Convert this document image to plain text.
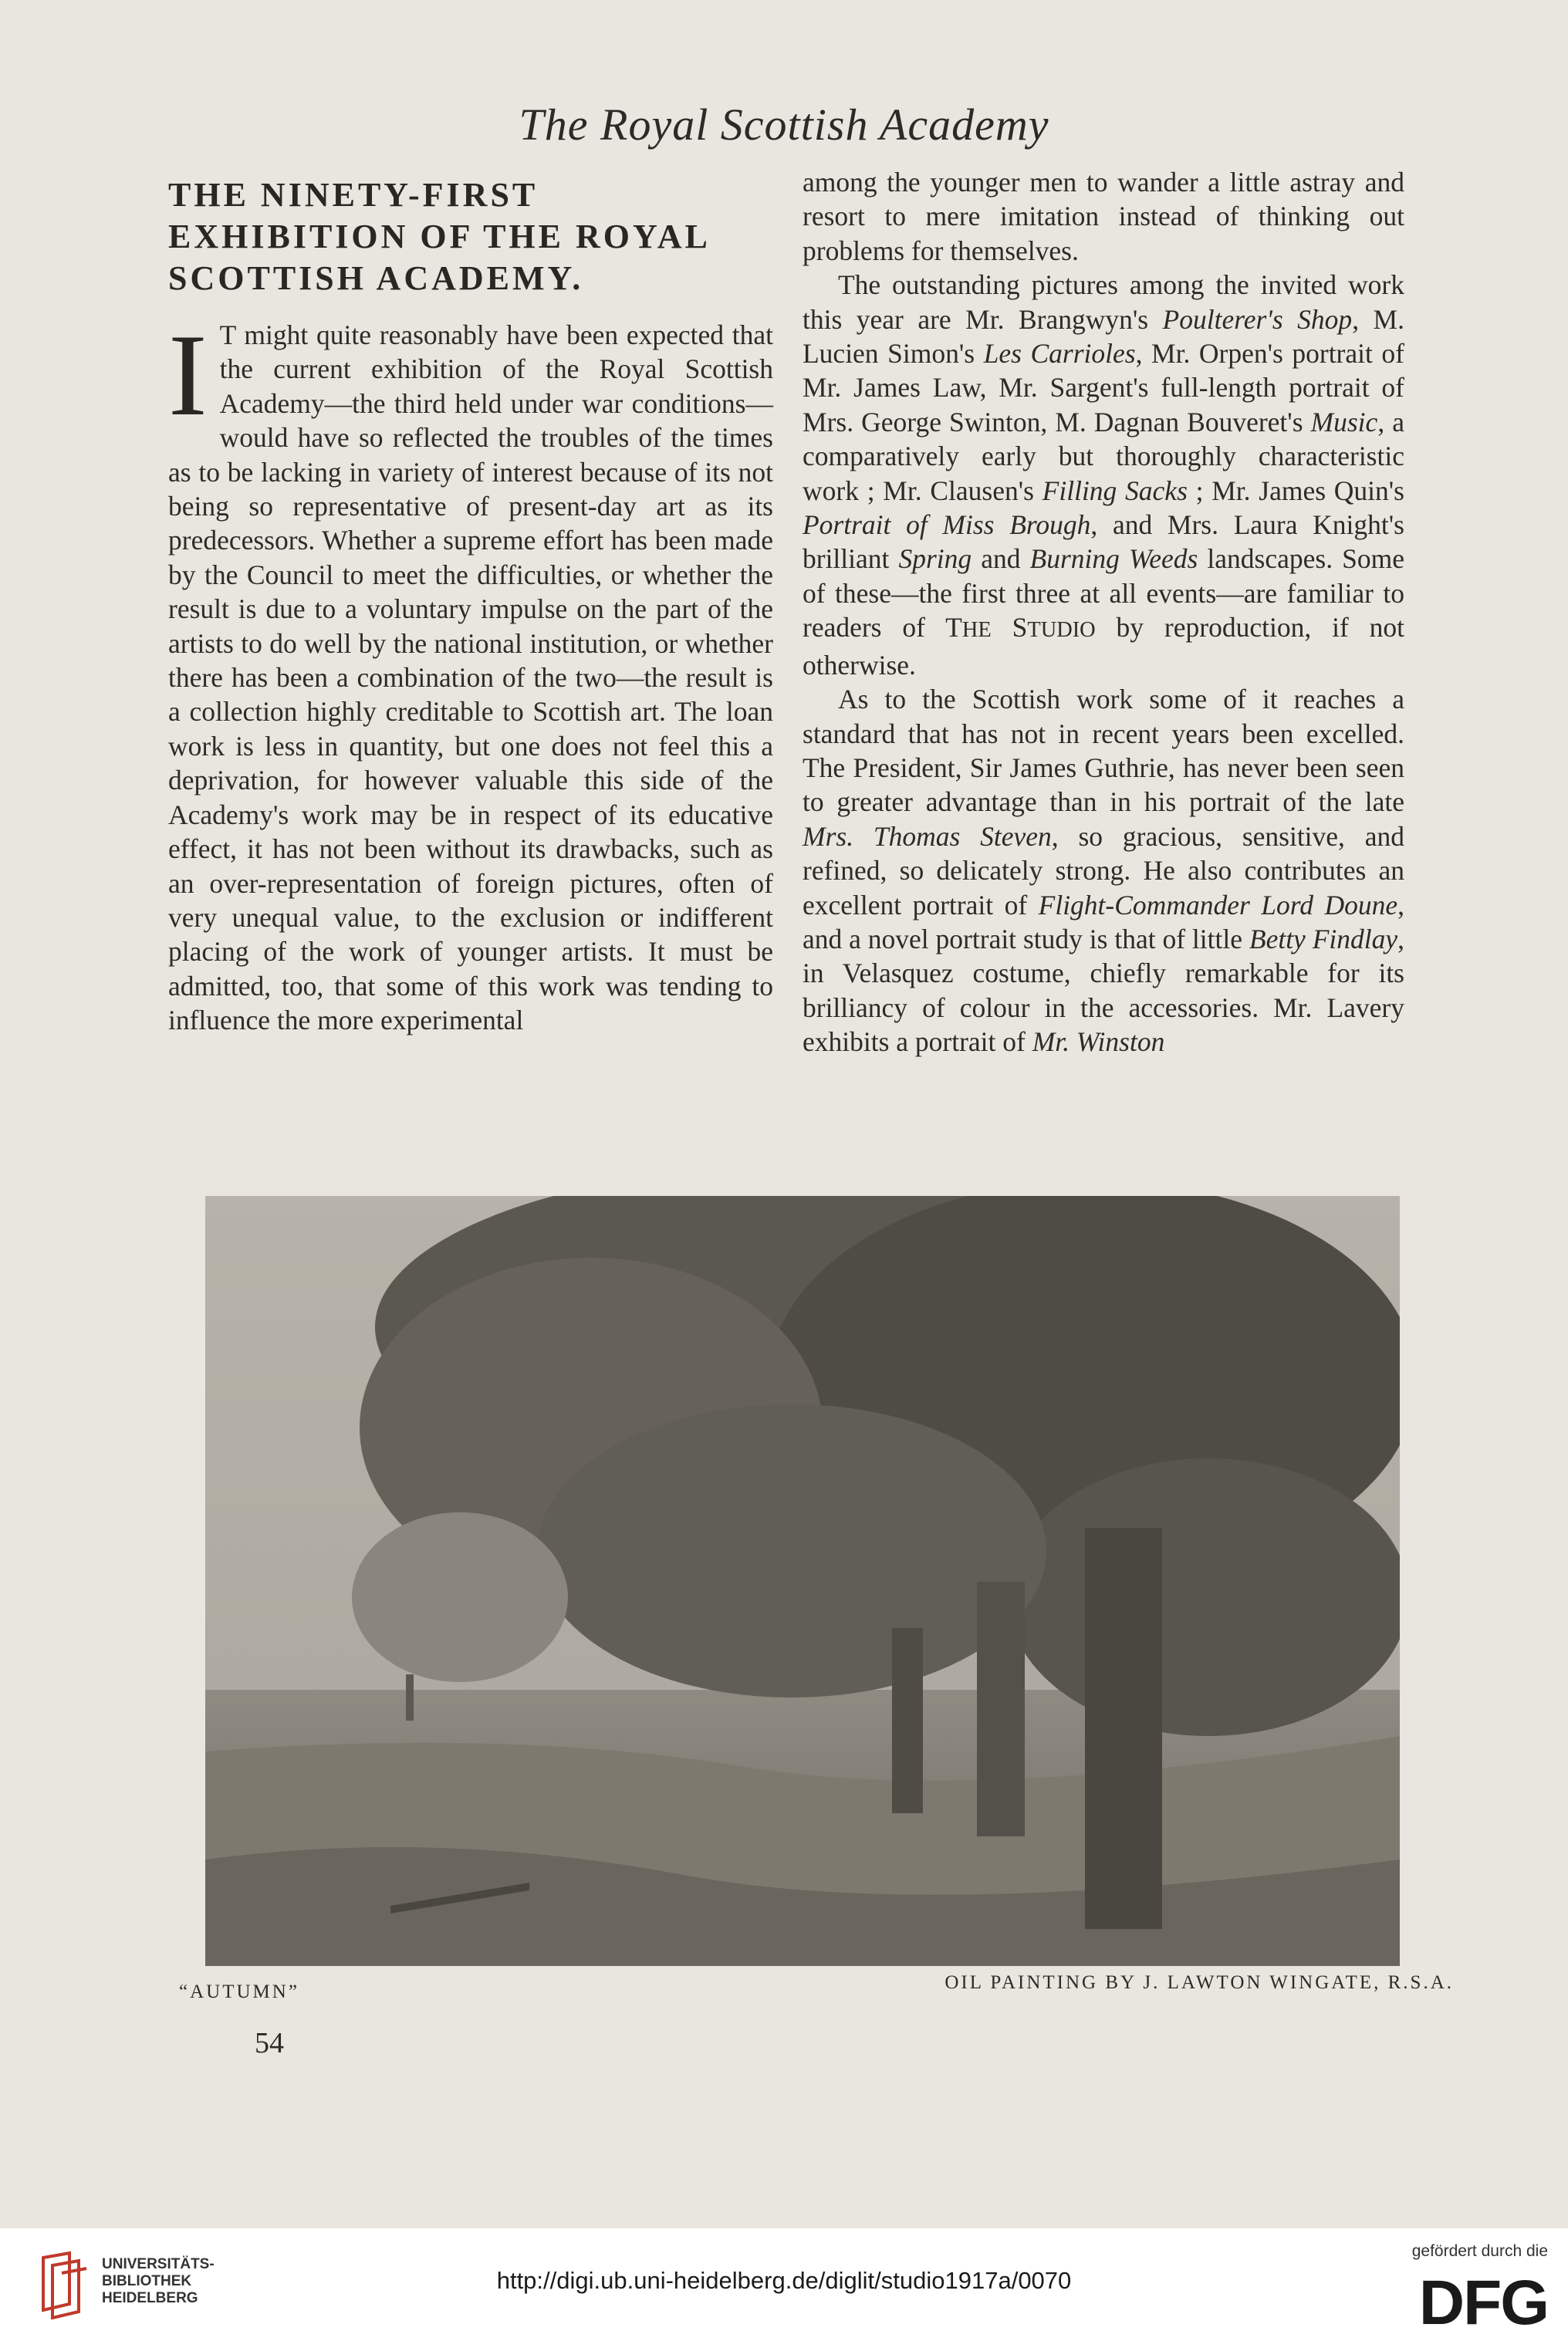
The Royal Scottish Academy
THE NINETY-FIRST EXHIBITION OF THE ROYAL SCOTTISH ACADEMY.

I T might quite reasonably have been expected that the current exhibition of the Royal Scottish Academy—the third held under war conditions—would have so reflected the troubles of the times as to be lacking in variety of interest because of its not being so representative of present-day art as its predecessors. Whether a supreme effort has been made by the Council to meet the difficulties, or whether the result is due to a voluntary impulse on the part of the artists to do well by the national institution, or whether there has been a combination of the two—the result is a collection highly creditable to Scottish art. The loan work is less in quantity, but one does not feel this a deprivation, for however valuable this side of the Academy's work may be in respect of its educative effect, it has not been without its drawbacks, such as an over-representation of foreign pictures, often of very unequal value, to the exclusion or indifferent placing of the work of younger artists. It must be admitted, too, that some of this work was tending to influence the more experimental

among the younger men to wander a little astray and resort to mere imitation instead of thinking out problems for themselves.

The outstanding pictures among the invited work this year are Mr. Brangwyn's Poulterer's Shop, M. Lucien Simon's Les Carrioles, Mr. Orpen's portrait of Mr. James Law, Mr. Sargent's full-length portrait of Mrs. George Swinton, M. Dagnan Bouveret's Music, a comparatively early but thoroughly characteristic work ; Mr. Clausen's Filling Sacks ; Mr. James Quin's Portrait of Miss Brough, and Mrs. Laura Knight's brilliant Spring and Burning Weeds landscapes. Some of these—the first three at all events—are familiar to readers of THE STUDIO by reproduction, if not otherwise.

As to the Scottish work some of it reaches a standard that has not in recent years been excelled. The President, Sir James Guthrie, has never been seen to greater advantage than in his portrait of the late Mrs. Thomas Steven, so gracious, sensitive, and refined, so delicately strong. He also contributes an excellent portrait of Flight-Commander Lord Doune, and a novel portrait study is that of little Betty Findlay, in Velasquez costume, chiefly remarkable for its brilliancy of colour in the accessories. Mr. Lavery exhibits a portrait of Mr. Winston

“AUTUMN”	OIL PAINTING BY J. LAWTON WINGATE, R.S.A.
54
UNIVERSITÄTS-
BIBLIOTHEK
HEIDELBERG
http://digi.ub.uni-heidelberg.de/diglit/studio1917a/0070
gefördert durch die
DFG
